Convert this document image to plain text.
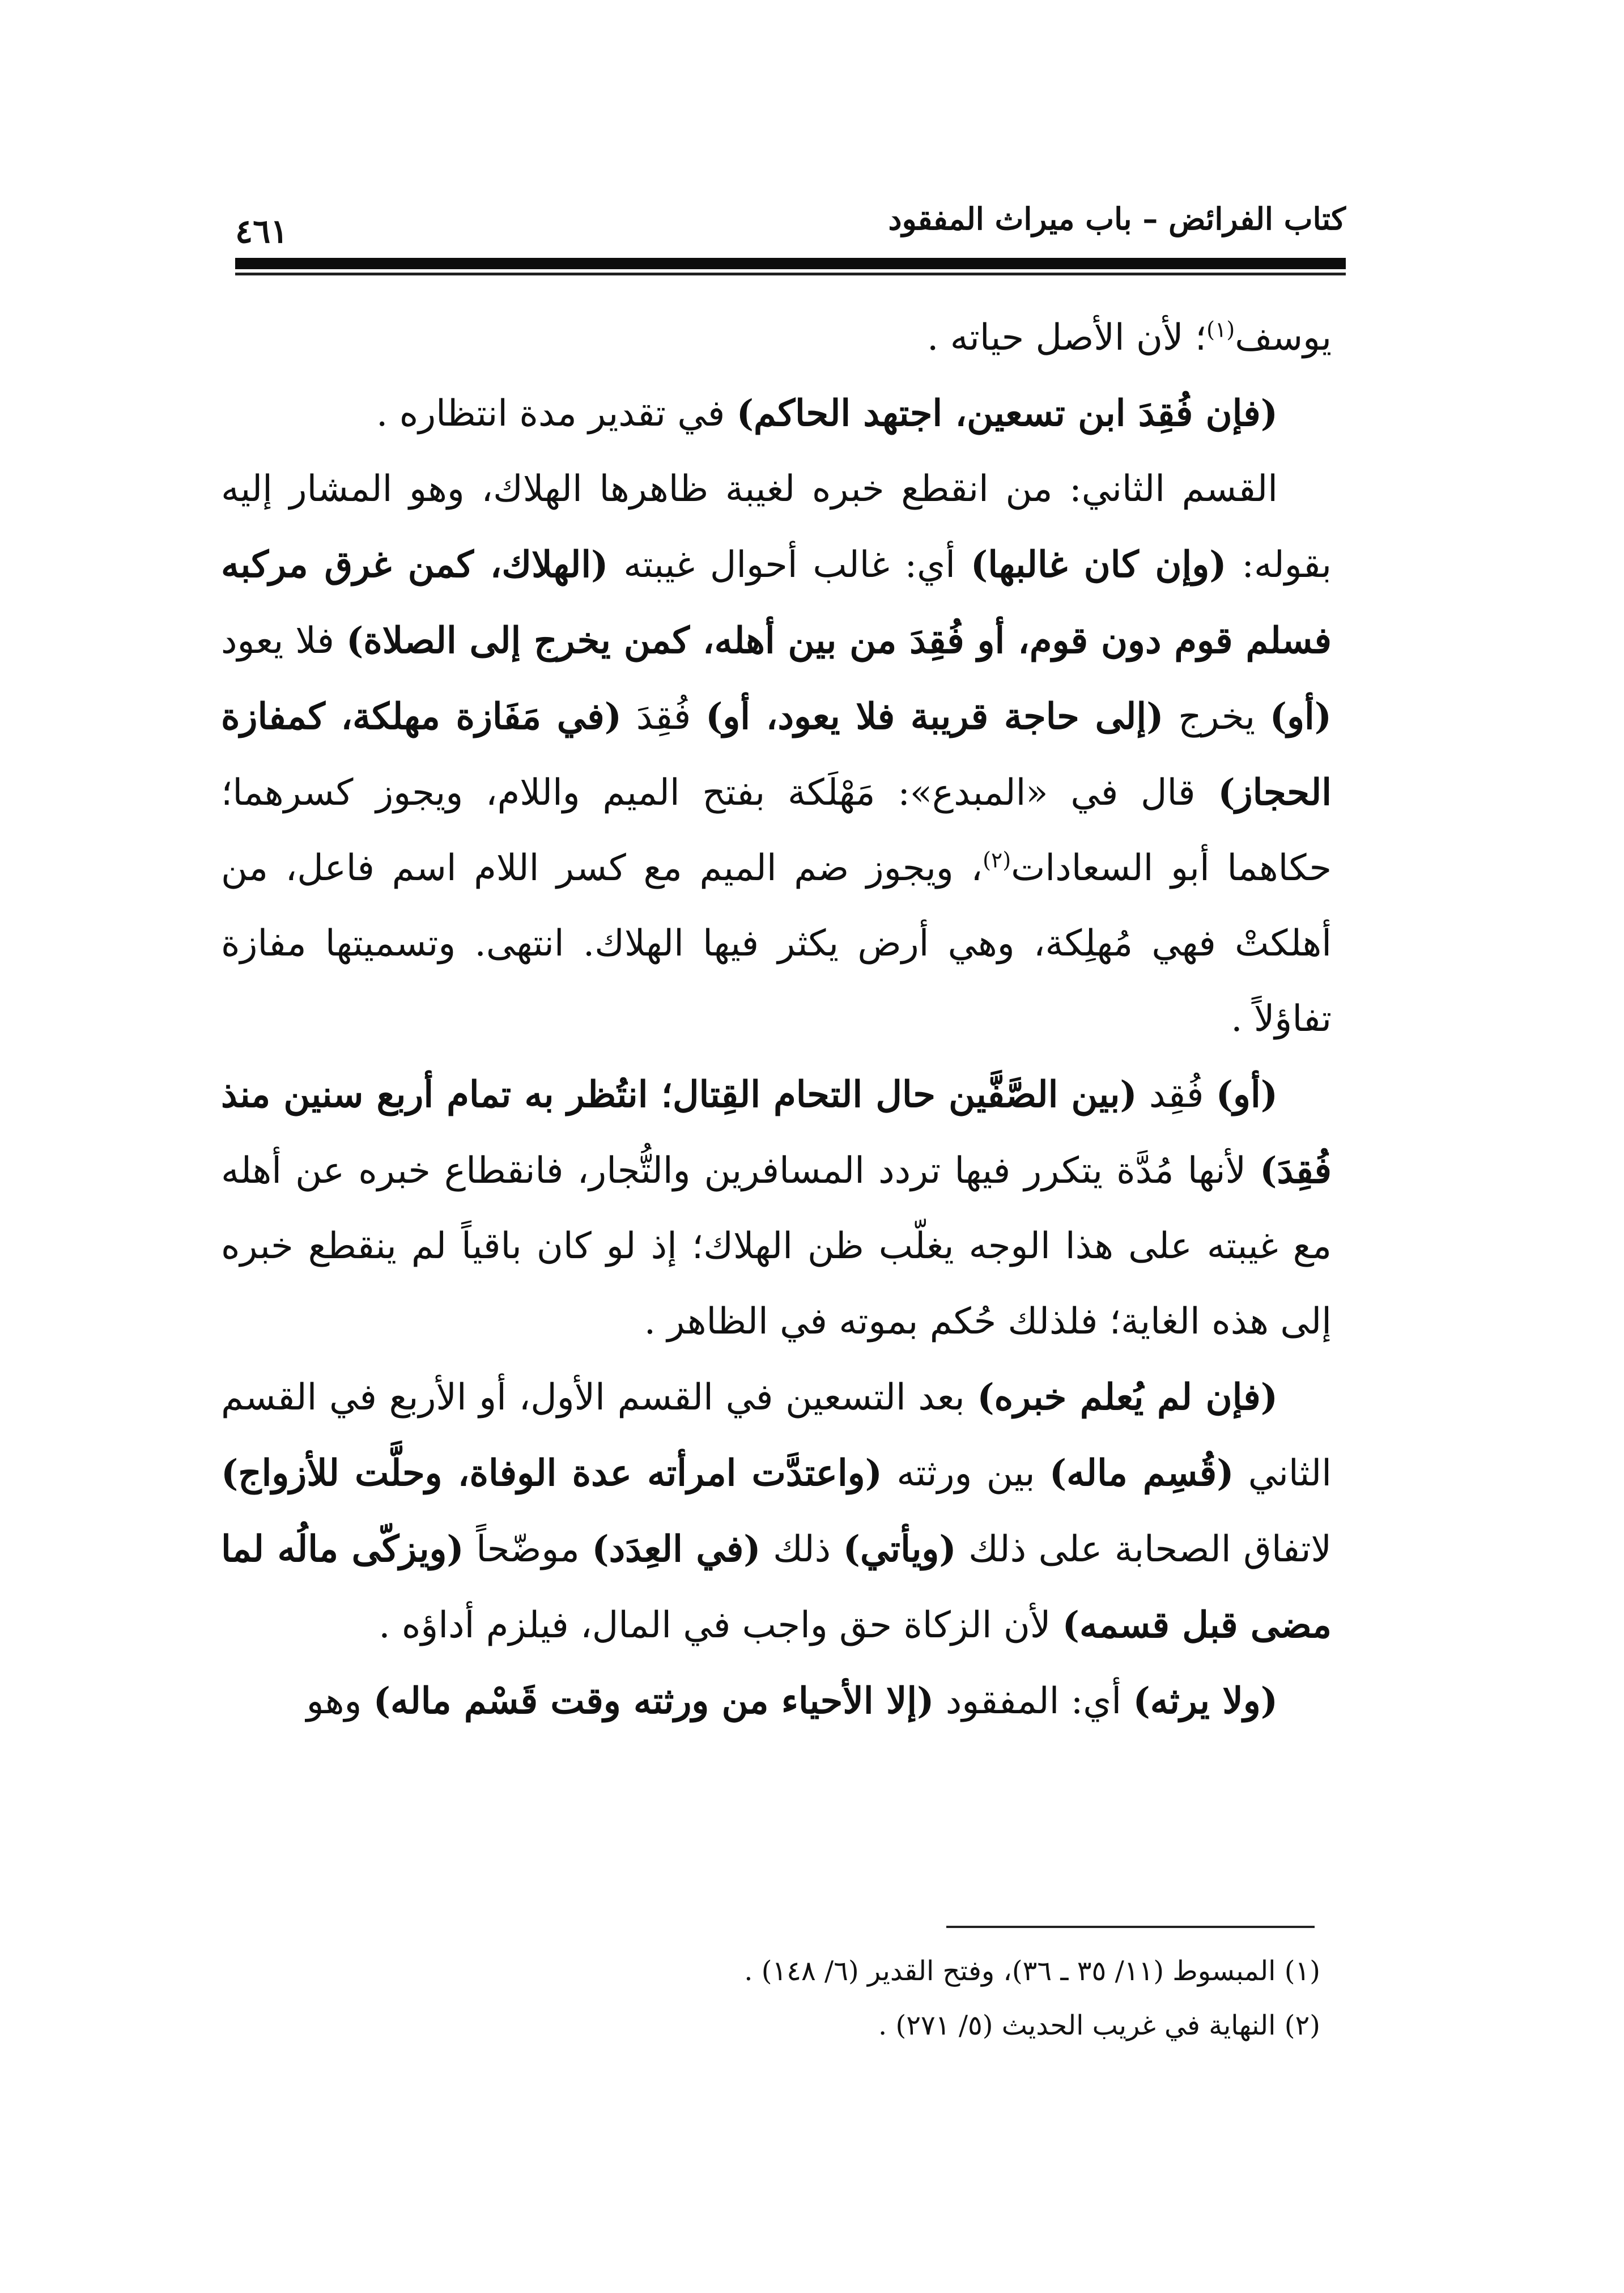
كتاب الفرائض – باب ميراث المفقود
٤٦١

يوسف$^{(١)}$؛ لأن الأصل حياته .

(فإن فُقِدَ ابن تسعين، اجتهد الحاكم) في تقدير مدة انتظاره .

القسم الثاني: من انقطع خبره لغيبة ظاهرها الهلاك، وهو المشار إليه بقوله: (وإن كان غالبها) أي: غالب أحوال غيبته (الهلاك، كمن غرق مركبه فسلم قوم دون قوم، أو فُقِدَ من بين أهله، كمن يخرج إلى الصلاة) فلا يعود (أو) يخرج (إلى حاجة قريبة فلا يعود، أو) فُقِدَ (في مَفَازة مهلكة، كمفازة الحجاز) قال في «المبدع»: مَهْلَكة بفتح الميم واللام، ويجوز كسرهما؛ حكاهما أبو السعادات$^{(٢)}$، ويجوز ضم الميم مع كسر اللام اسم فاعل، من أهلكتْ فهي مُهلِكة، وهي أرض يكثر فيها الهلاك. انتهى. وتسميتها مفازة تفاؤلاً .

(أو) فُقِد (بين الصَّفَّين حال التحام القِتال؛ انتُظر به تمام أربع سنين منذ فُقِدَ) لأنها مُدَّة يتكرر فيها تردد المسافرين والتُّجار، فانقطاع خبره عن أهله مع غيبته على هذا الوجه يغلّب ظن الهلاك؛ إذ لو كان باقياً لم ينقطع خبره إلى هذه الغاية؛ فلذلك حُكم بموته في الظاهر .

(فإن لم يُعلم خبره) بعد التسعين في القسم الأول، أو الأربع في القسم الثاني (قُسِم ماله) بين ورثته (واعتدَّت امرأته عدة الوفاة، وحلَّت للأزواج) لاتفاق الصحابة على ذلك (ويأتي) ذلك (في العِدَد) موضّحاً (ويزكّى مالُه لما مضى قبل قسمه) لأن الزكاة حق واجب في المال، فيلزم أداؤه .

(ولا يرثه) أي: المفقود (إلا الأحياء من ورثته وقت قَسْم ماله) وهو

(١) المبسوط (١١/ ٣٥ ـ ٣٦)، وفتح القدير (٦/ ١٤٨) .
(٢) النهاية في غريب الحديث (٥/ ٢٧١) .
